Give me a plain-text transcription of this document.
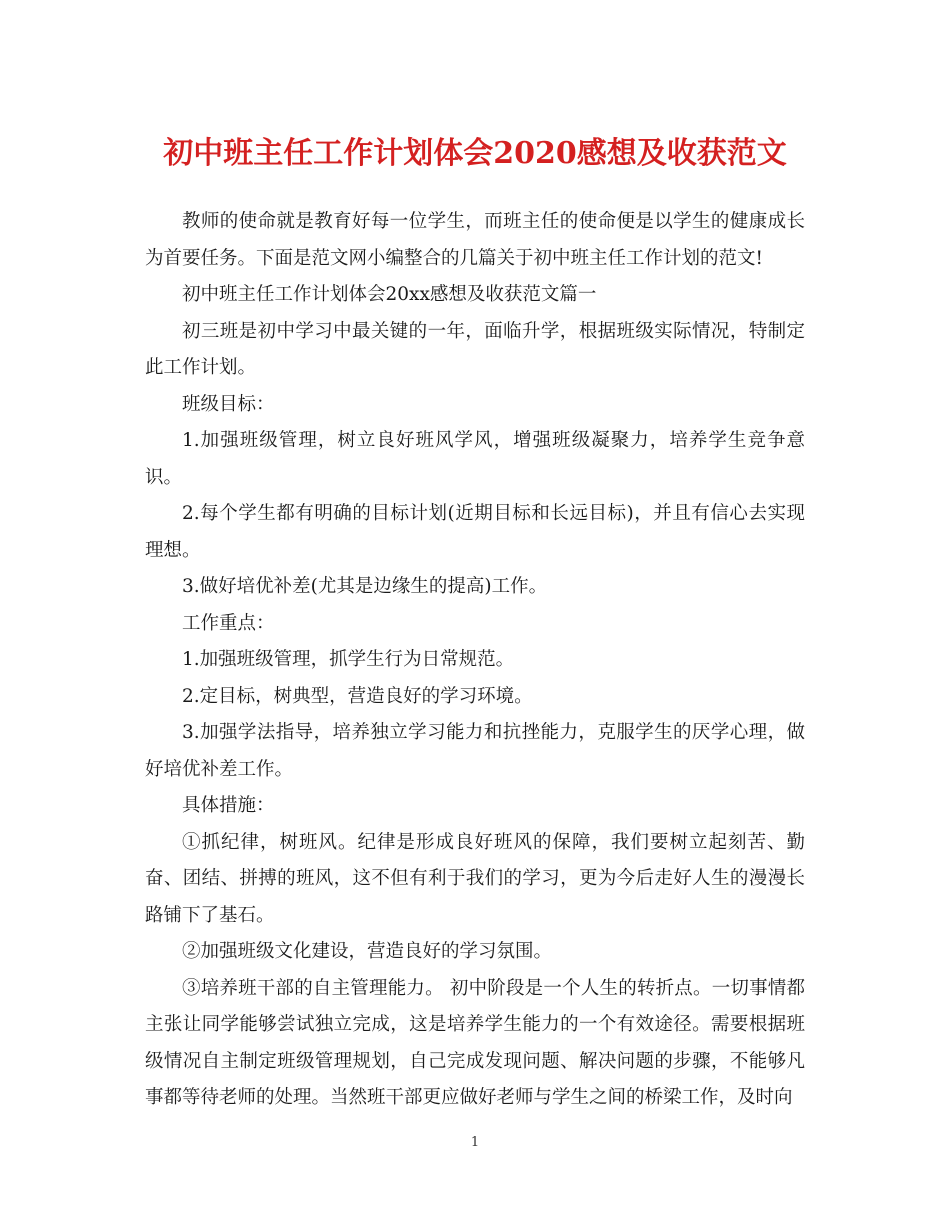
初中班主任工作计划体会2020感想及收获范文

教师的使命就是教育好每一位学生，而班主任的使命便是以学生的健康成长为首要任务。下面是范文网小编整合的几篇关于初中班主任工作计划的范文!

初中班主任工作计划体会20xx感想及收获范文篇一

初三班是初中学习中最关键的一年，面临升学，根据班级实际情况，特制定此工作计划。

班级目标：

1.加强班级管理，树立良好班风学风，增强班级凝聚力，培养学生竞争意识。

2.每个学生都有明确的目标计划(近期目标和长远目标)，并且有信心去实现理想。

3.做好培优补差(尤其是边缘生的提高)工作。

工作重点：

1.加强班级管理，抓学生行为日常规范。

2.定目标，树典型，营造良好的学习环境。

3.加强学法指导，培养独立学习能力和抗挫能力，克服学生的厌学心理，做好培优补差工作。

具体措施：

①抓纪律，树班风。纪律是形成良好班风的保障，我们要树立起刻苦、勤奋、团结、拼搏的班风，这不但有利于我们的学习，更为今后走好人生的漫漫长路铺下了基石。

②加强班级文化建设，营造良好的学习氛围。

③培养班干部的自主管理能力。 初中阶段是一个人生的转折点。一切事情都主张让同学能够尝试独立完成，这是培养学生能力的一个有效途径。需要根据班级情况自主制定班级管理规划，自己完成发现问题、解决问题的步骤，不能够凡事都等待老师的处理。当然班干部更应做好老师与学生之间的桥梁工作，及时向

1
